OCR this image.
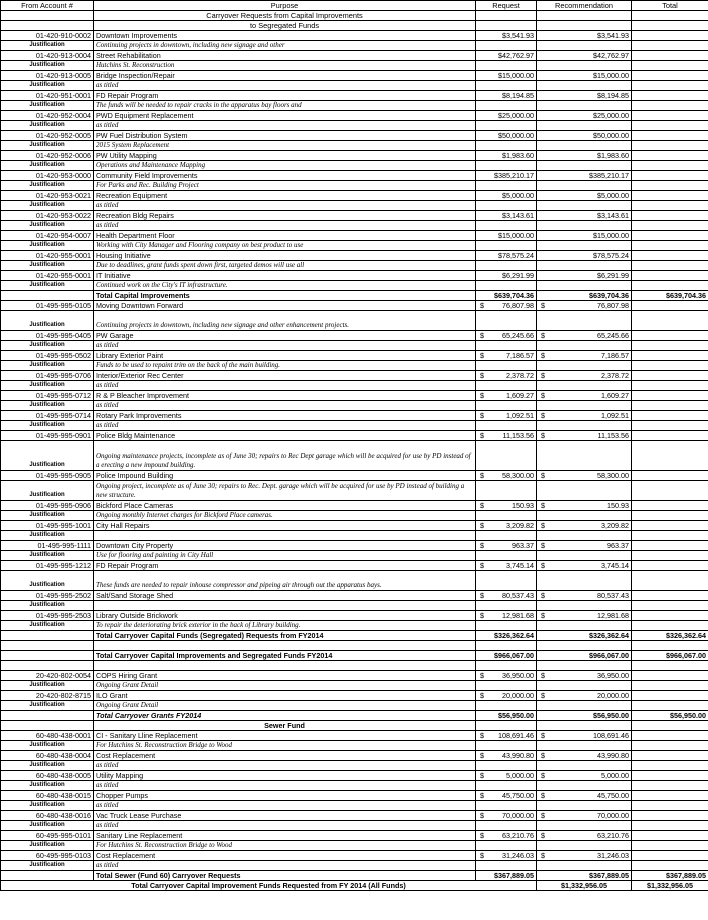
From Account #	Purpose	Request	Recommendation	Total
	Carryover Requests from Capital Improvements			
	to Segregated Funds			
01-420-910-0002	Downtown Improvements	$3,541.93	$3,541.93	
Justification	Continuing projects in downtown, including new signage and other			
01-420-913-0004	Street Rehabilitation	$42,762.97	$42,762.97	
Justification	Hutchins St. Reconstruction			
01-420-913-0005	Bridge Inspection/Repair	$15,000.00	$15,000.00	
Justification	as titled			
01-420-951-0001	FD Repair Program	$8,194.85	$8,194.85	
Justification	The funds will be needed to repair cracks in the apparatus bay floors and			
01-420-952-0004	PWD Equipment Replacement	$25,000.00	$25,000.00	
Justification	as titled			
01-420-952-0005	PW Fuel Distribution System	$50,000.00	$50,000.00	
Justification	2015 System Replacement			
01-420-952-0006	PW Utility Mapping	$1,983.60	$1,983.60	
Justification	Operations and Maintenance Mapping			
01-420-953-0000	Community Field Improvements	$385,210.17	$385,210.17	
Justification	For Parks and Rec. Building Project			
01-420-953-0021	Recreation Equipment	$5,000.00	$5,000.00	
Justification	as titled			
01-420-953-0022	Recreation Bldg Repairs	$3,143.61	$3,143.61	
Justification	as titled			
01-420-954-0007	Health Department Floor	$15,000.00	$15,000.00	
Justification	Working with City Manager and Flooring company on best product to use			
01-420-955-0001	Housing Initiative	$78,575.24	$78,575.24	
Justification	Due to deadlines, grant funds spent down first, targeted demos will use all			
01-420-955-0001	IT Initiative	$6,291.99	$6,291.99	
Justification	Continued work on the City's IT infrastructure.			
	Total Capital Improvements	$639,704.36	$639,704.36	$639,704.36
01-495-995-0105	Moving Downtown Forward	$ 76,807.98	$ 76,807.98	

Justification	Continuing projects in downtown, including new signage and other enhancement projects.			
01-495-995-0405	PW Garage	$ 65,245.66	$ 65,245.66	

Justification	as titled			
01-495-995-0502	Library Exterior Paint	$ 7,186.57	$ 7,186.57	

Justification	Funds to be used to repaint trim on the back of the main building.			
01-495-995-0706	Interior/Exterior Rec Center	$ 2,378.72	$ 2,378.72	

Justification	as titled			
01-495-995-0712	R & P Bleacher Improvement	$ 1,609.27	$ 1,609.27	

Justification	as titled			
01-495-995-0714	Rotary Park Improvements	$ 1,092.51	$ 1,092.51	

Justification	as titled			
01-495-995-0901	Police Bldg Maintenance	$ 11,153.56	$ 11,153.56	

Justification	Ongoing maintenance projects, incomplete as of June 30; repairs to Rec Dept garage which will be acquired for use by PD instead of a erecting a new impound building.			
01-495-995-0905	Police Impound Building	$ 58,300.00	$ 58,300.00	

Justification	Ongoing project, incomplete as of June 30; repairs to Rec. Dept. garage which will be acquired for use by PD instead of building a new structure.			
01-495-995-0906	Bickford Place Cameras	$ 150.93	$ 150.93	

Justification	Ongoing monthly Internet charges for Bickford Place cameras.			
01-495-995-1001	City Hall Repairs	$ 3,209.82	$ 3,209.82	

Justification				
01-495-995-1111	Downtown City Property	$ 963.37	$ 963.37	

Justification	Use for flooring and painting in City Hall			
01-495-995-1212	FD Repair Program	$ 3,745.14	$ 3,745.14	

Justification	These funds are needed to repair inhouse compressor and pipeing air through out the apparatus bays.			
01-495-995-2502	Salt/Sand Storage Shed	$ 80,537.43	$ 80,537.43	

Justification				
01-495-995-2503	Library Outside Brickwork	$ 12,981.68	$ 12,981.68	

Justification	To repair the deteriorating brick exterior in the back of Library building.			
	Total Carryover Capital Funds (Segregated) Requests from FY2014	$326,362.64	$326,362.64	$326,362.64

	Total Carryover Capital Improvements and Segregated Funds FY2014	$966,067.00	$966,067.00	$966,067.00

20-420-802-0054	COPS Hiring Grant	$ 36,950.00	$ 36,950.00	

Justification	Ongoing Grant Detail			
20-420-802-8715	ILO Grant	$ 20,000.00	$ 20,000.00	

Justification	Ongoing Grant Detail			
	Total Carryover Grants FY2014	$56,950.00	$56,950.00	$56,950.00
	Sewer Fund			
60-480-438-0001	CI - Sanitary Lline Replacement	$ 108,691.46	$ 108,691.46	

Justification	For Hutchins St. Reconstruction Bridge to Wood			
60-480-438-0004	Cost Replacement	$ 43,990.80	$ 43,990.80	

Justification	as titled			
60-480-438-0005	Utility Mapping	$ 5,000.00	$ 5,000.00	

Justification	as titled			
60-480-438-0015	Chopper Pumps	$ 45,750.00	$ 45,750.00	

Justification	as titled			
60-480-438-0016	Vac Truck Lease Purchase	$ 70,000.00	$ 70,000.00	

Justification	as titled			
60-495-995-0101	Sanitary Line Replacement	$ 63,210.76	$ 63,210.76	

Justification	For Hutchins St. Reconstruction Bridge to Wood			
60-495-995-0103	Cost Replacement	$ 31,246.03	$ 31,246.03	

Justification	as titled			
	Total Sewer (Fund 60) Carryover Requests	$367,889.05	$367,889.05	$367,889.05
Total Carryover Capital Improvement Funds Requested from FY 2014 (All Funds)			$1,332,956.05	$1,332,956.05
